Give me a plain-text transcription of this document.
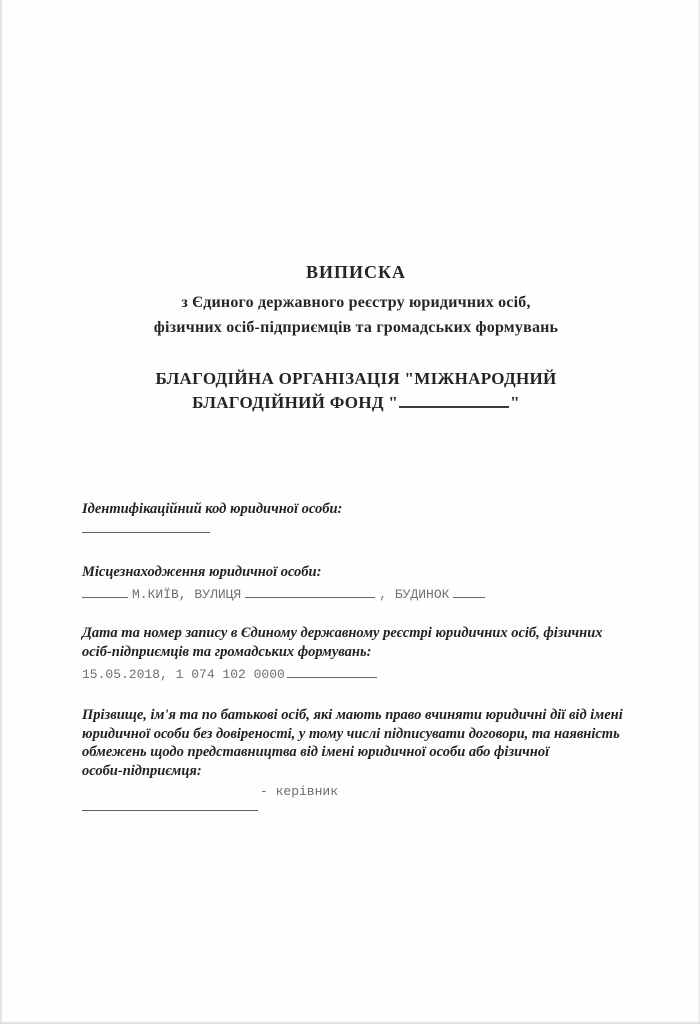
ВИПИСКА
з Єдиного державного реєстру юридичних осіб,
фізичних осіб-підприємців та громадських формувань
БЛАГОДІЙНА ОРГАНІЗАЦІЯ "МІЖНАРОДНИЙ
БЛАГОДІЙНИЙ ФОНД "	"
Ідентифікаційний код юридичної особи:
Місцезнаходження юридичної особи:
М.КИЇВ, ВУЛИЦЯ	, БУДИНОК
Дата та номер запису в Єдиному державному реєстрі юридичних осіб, фізичних
осіб-підприємців та громадських формувань:
15.05.2018, 1 074 102 0000
Прізвище, ім'я та по батькові осіб, які мають право вчиняти юридичні дії від імені
юридичної особи без довіреності, у тому числі підписувати договори, та наявність
обмежень щодо представництва від імені юридичної особи або фізичної
особи-підприємця:
- керівник
